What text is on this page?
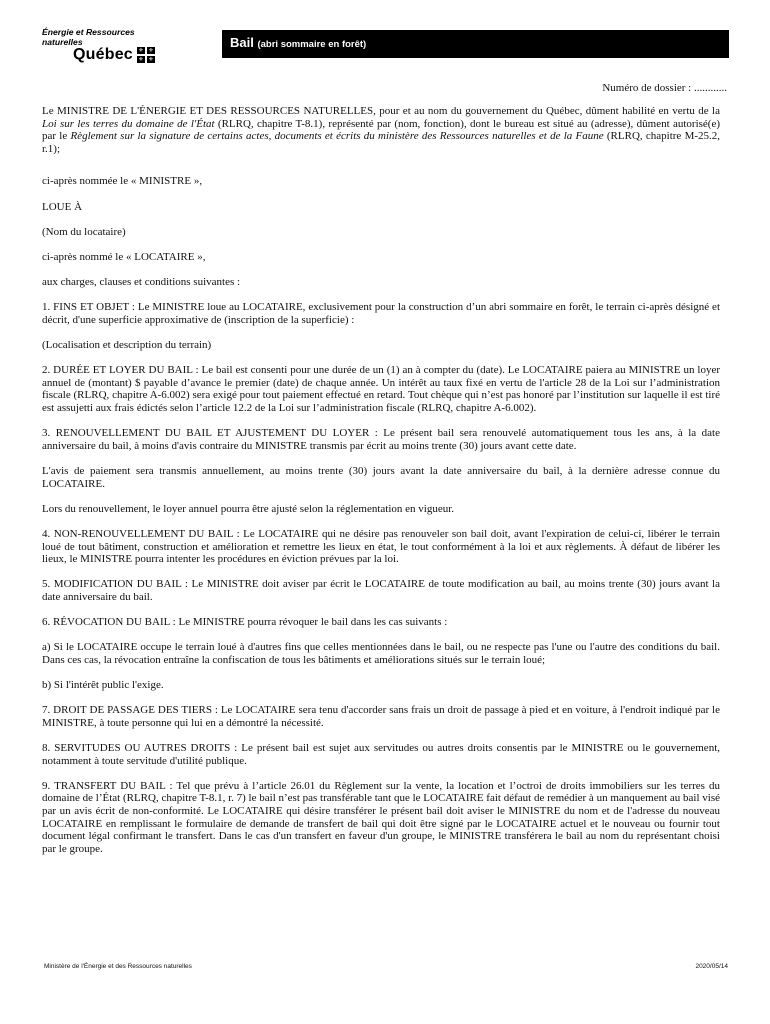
Énergie et Ressources
naturelles
Québec ⚜ ⚜
⚜ ⚜
Bail (abri sommaire en forêt)
Numéro de dossier : ............

Le MINISTRE DE L'ÉNERGIE ET DES RESSOURCES NATURELLES, pour et au nom du gouvernement du Québec, dûment habilité en vertu de la Loi sur les terres du domaine de l'État (RLRQ, chapitre T-8.1), représenté par (nom, fonction), dont le bureau est situé au (adresse), dûment autorisé(e) par le Règlement sur la signature de certains actes, documents et écrits du ministère des Ressources naturelles et de la Faune (RLRQ, chapitre M-25.2, r.1);

ci-après nommée le « MINISTRE »,

LOUE À

(Nom du locataire)

ci-après nommé le « LOCATAIRE »,

aux charges, clauses et conditions suivantes :

1. FINS ET OBJET : Le MINISTRE loue au LOCATAIRE, exclusivement pour la construction d’un abri sommaire en forêt, le terrain ci-après désigné et décrit, d'une superficie approximative de (inscription de la superficie) :

(Localisation et description du terrain)

2. DURÉE ET LOYER DU BAIL : Le bail est consenti pour une durée de un (1) an à compter du (date). Le LOCATAIRE paiera au MINISTRE un loyer annuel de (montant) $ payable d’avance le premier (date) de chaque année. Un intérêt au taux fixé en vertu de l'article 28 de la Loi sur l’administration fiscale (RLRQ, chapitre A-6.002) sera exigé pour tout paiement effectué en retard. Tout chèque qui n’est pas honoré par l’institution sur laquelle il est tiré est assujetti aux frais édictés selon l’article 12.2 de la Loi sur l’administration fiscale (RLRQ, chapitre A-6.002).

3. RENOUVELLEMENT DU BAIL ET AJUSTEMENT DU LOYER : Le présent bail sera renouvelé automatiquement tous les ans, à la date anniversaire du bail, à moins d'avis contraire du MINISTRE transmis par écrit au moins trente (30) jours avant cette date.

L'avis de paiement sera transmis annuellement, au moins trente (30) jours avant la date anniversaire du bail, à la dernière adresse connue du LOCATAIRE.

Lors du renouvellement, le loyer annuel pourra être ajusté selon la réglementation en vigueur.

4. NON-RENOUVELLEMENT DU BAIL : Le LOCATAIRE qui ne désire pas renouveler son bail doit, avant l'expiration de celui-ci, libérer le terrain loué de tout bâtiment, construction et amélioration et remettre les lieux en état, le tout conformément à la loi et aux règlements. À défaut de libérer les lieux, le MINISTRE pourra intenter les procédures en éviction prévues par la loi.

5. MODIFICATION DU BAIL : Le MINISTRE doit aviser par écrit le LOCATAIRE de toute modification au bail, au moins trente (30) jours avant la date anniversaire du bail.

6. RÉVOCATION DU BAIL : Le MINISTRE pourra révoquer le bail dans les cas suivants :

a) Si le LOCATAIRE occupe le terrain loué à d'autres fins que celles mentionnées dans le bail, ou ne respecte pas l'une ou l'autre des conditions du bail. Dans ces cas, la révocation entraîne la confiscation de tous les bâtiments et améliorations situés sur le terrain loué;

b) Si l'intérêt public l'exige.

7. DROIT DE PASSAGE DES TIERS : Le LOCATAIRE sera tenu d'accorder sans frais un droit de passage à pied et en voiture, à l'endroit indiqué par le MINISTRE, à toute personne qui lui en a démontré la nécessité.

8. SERVITUDES OU AUTRES DROITS : Le présent bail est sujet aux servitudes ou autres droits consentis par le MINISTRE ou le gouvernement, notamment à toute servitude d'utilité publique.

9. TRANSFERT DU BAIL : Tel que prévu à l’article 26.01 du Règlement sur la vente, la location et l’octroi de droits immobiliers sur les terres du domaine de l’État (RLRQ, chapitre T-8.1, r. 7) le bail n’est pas transférable tant que le LOCATAIRE fait défaut de remédier à un manquement au bail visé par un avis écrit de non-conformité. Le LOCATAIRE qui désire transférer le présent bail doit aviser le MINISTRE du nom et de l'adresse du nouveau LOCATAIRE en remplissant le formulaire de demande de transfert de bail qui doit être signé par le LOCATAIRE actuel et le nouveau ou fournir tout document légal confirmant le transfert. Dans le cas d'un transfert en faveur d'un groupe, le MINISTRE transférera le bail au nom du représentant choisi par le groupe.

Ministère de l'Énergie et des Ressources naturelles	2020/05/14
